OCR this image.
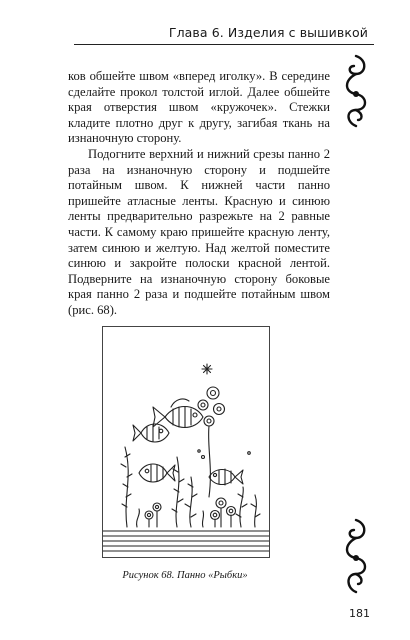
Глава 6. Изделия с вышивкой

ков обшейте швом «вперед иголку». В середине сделайте прокол толстой иглой. Далее обшейте края отверстия швом «кружочек». Стежки кладите плотно друг к другу, загибая ткань на изнаночную сторону.

Подогните верхний и нижний срезы панно 2 раза на изнаночную сторону и подшейте потайным швом. К нижней части панно пришейте атласные ленты. Красную и синюю ленты предварительно разрежьте на 2 равные части. К самому краю пришейте красную ленту, затем синюю и желтую. Над желтой поместите синюю и закройте полоски красной лентой. Подверните на изнаночную сторону боковые края панно 2 раза и подшейте потайным швом (рис. 68).

Рисунок 68. Панно «Рыбки»
181
